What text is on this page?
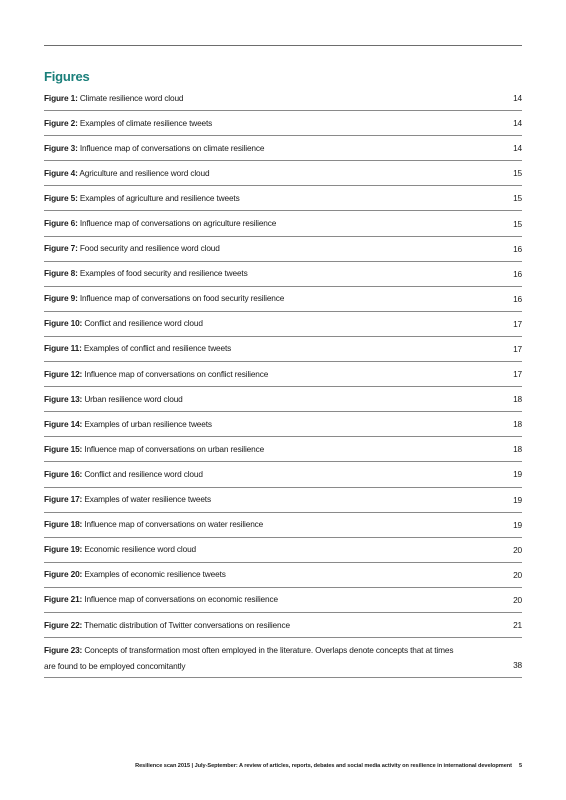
Figures
Figure 1: Climate resilience word cloud	14
Figure 2: Examples of climate resilience tweets	14
Figure 3: Influence map of conversations on climate resilience	14
Figure 4: Agriculture and resilience word cloud	15
Figure 5: Examples of agriculture and resilience tweets	15
Figure 6: Influence map of conversations on agriculture resilience	15
Figure 7: Food security and resilience word cloud	16
Figure 8: Examples of food security and resilience tweets	16
Figure 9: Influence map of conversations on food security resilience	16
Figure 10: Conflict and resilience word cloud	17
Figure 11: Examples of conflict and resilience tweets	17
Figure 12: Influence map of conversations on conflict resilience	17
Figure 13: Urban resilience word cloud	18
Figure 14: Examples of urban resilience tweets	18
Figure 15: Influence map of conversations on urban resilience	18
Figure 16: Conflict and resilience word cloud	19
Figure 17: Examples of water resilience tweets	19
Figure 18: Influence map of conversations on water resilience	19
Figure 19: Economic resilience word cloud	20
Figure 20: Examples of economic resilience tweets	20
Figure 21: Influence map of conversations on economic resilience	20
Figure 22: Thematic distribution of Twitter conversations on resilience	21
Figure 23: Concepts of transformation most often employed in the literature. Overlaps denote concepts that at times are found to be employed concomitantly	38
Resilience scan 2015 | July-September: A review of articles, reports, debates and social media activity on resilience in international development 5
